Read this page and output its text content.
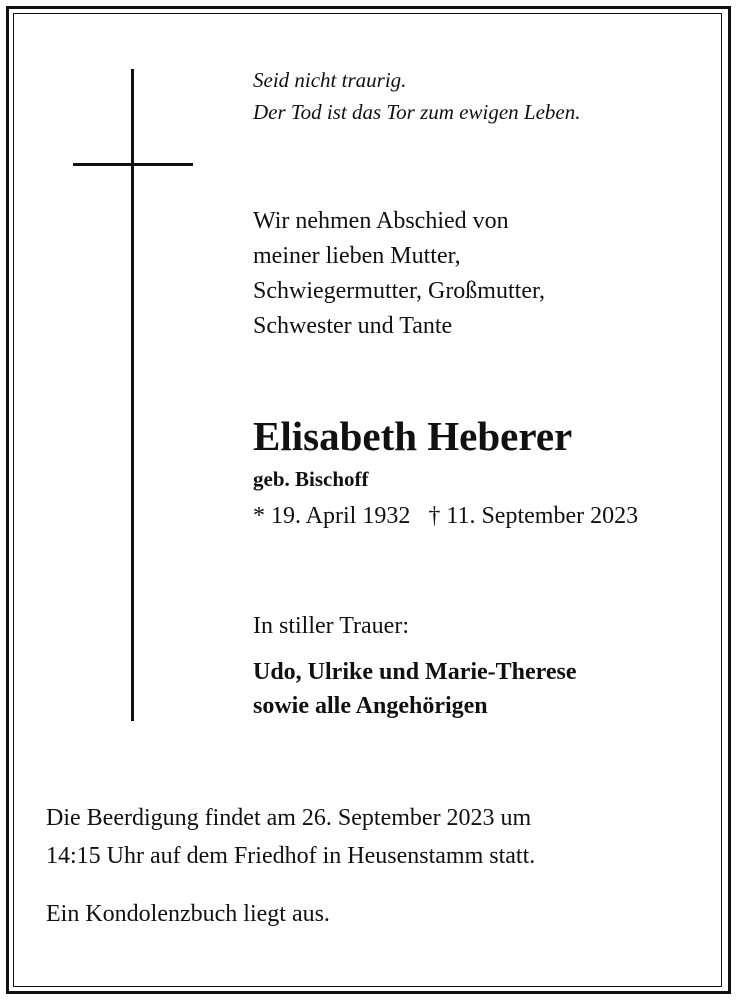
Seid nicht traurig.
Der Tod ist das Tor zum ewigen Leben.
Wir nehmen Abschied von
meiner lieben Mutter,
Schwiegermutter, Großmutter,
Schwester und Tante
Elisabeth Heberer
geb. Bischoff
* 19. April 1932 † 11. September 2023
In stiller Trauer:
Udo, Ulrike und Marie-Therese
sowie alle Angehörigen
Die Beerdigung findet am 26. September 2023 um
14:15 Uhr auf dem Friedhof in Heusenstamm statt.
Ein Kondolenzbuch liegt aus.
